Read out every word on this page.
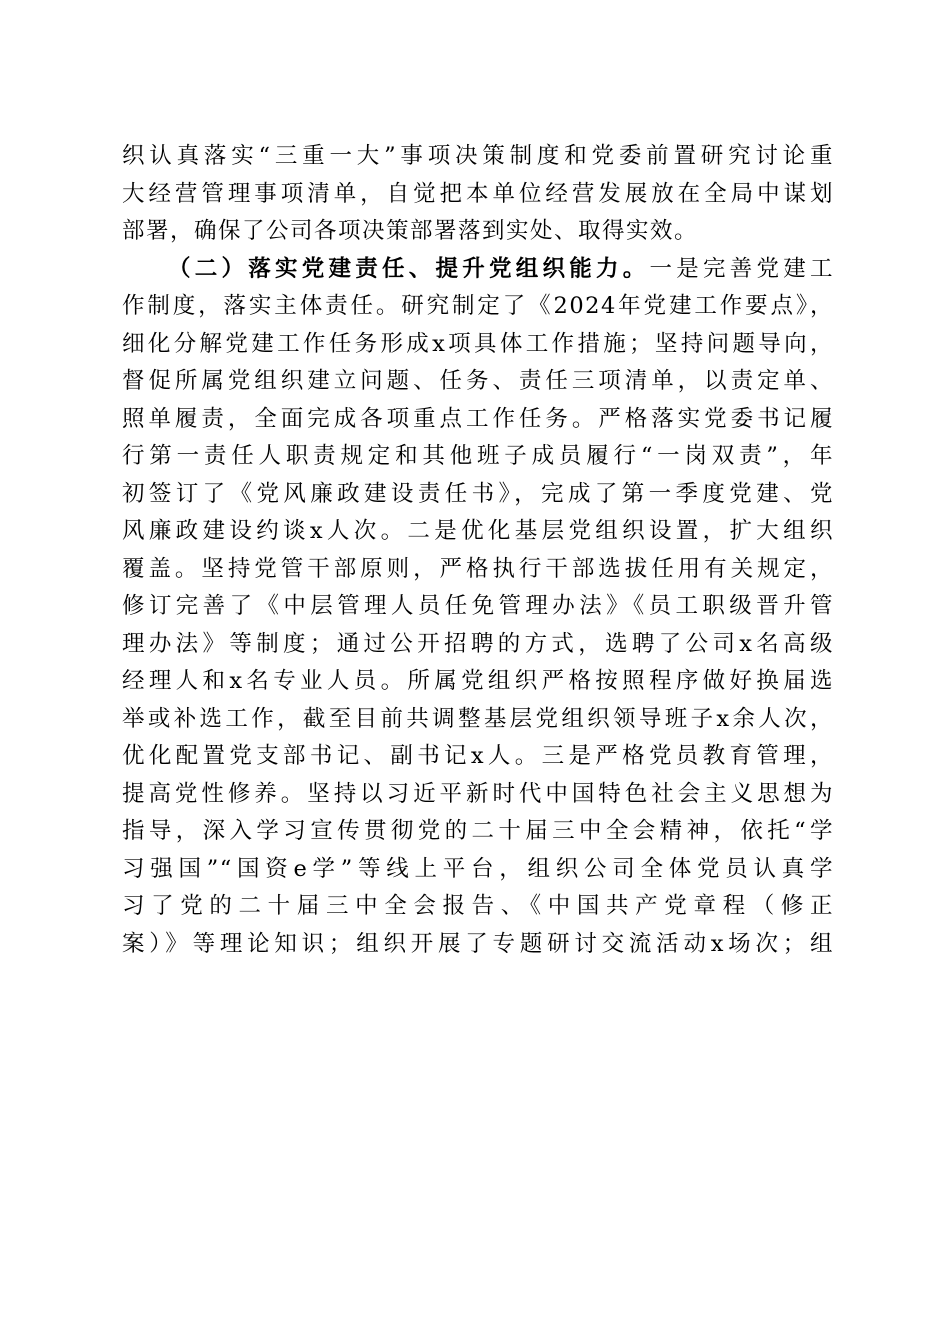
织认真落实“三重一大”事项决策制度和党委前置研究讨论重
大经营管理事项清单，自觉把本单位经营发展放在全局中谋划
部署，确保了公司各项决策部署落到实处、取得实效。
（二）落实党建责任、提升党组织能力。一是完善党建工
作制度，落实主体责任。研究制定了《2024年党建工作要点》，
细化分解党建工作任务形成x项具体工作措施；坚持问题导向，
督促所属党组织建立问题、任务、责任三项清单，以责定单、
照单履责，全面完成各项重点工作任务。严格落实党委书记履
行第一责任人职责规定和其他班子成员履行“一岗双责”，年
初签订了《党风廉政建设责任书》，完成了第一季度党建、党
风廉政建设约谈x人次。二是优化基层党组织设置，扩大组织
覆盖。坚持党管干部原则，严格执行干部选拔任用有关规定，
修订完善了《中层管理人员任免管理办法》《员工职级晋升管
理办法》等制度；通过公开招聘的方式，选聘了公司x名高级
经理人和x名专业人员。所属党组织严格按照程序做好换届选
举或补选工作，截至目前共调整基层党组织领导班子x余人次，
优化配置党支部书记、副书记x人。三是严格党员教育管理，
提高党性修养。坚持以习近平新时代中国特色社会主义思想为
指导，深入学习宣传贯彻党的二十届三中全会精神，依托“学
习强国”“国资e学”等线上平台，组织公司全体党员认真学
习了党的二十届三中全会报告、《中国共产党章程（修正
案）》等理论知识；组织开展了专题研讨交流活动x场次；组
